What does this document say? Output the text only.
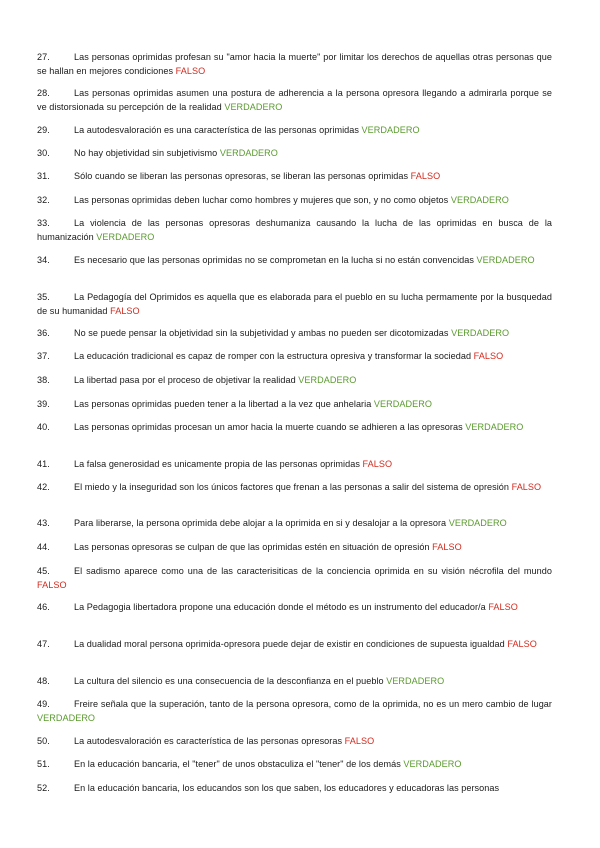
27.	Las personas oprimidas profesan su "amor hacia la muerte" por limitar los derechos de aquellas otras personas que se hallan en mejores condiciones FALSO
28.	Las personas oprimidas asumen una postura de adherencia a la persona opresora llegando a admirarla porque se ve distorsionada su percepción de la realidad VERDADERO
29.	La autodesvaloración es una característica de las personas oprimidas VERDADERO
30.	No hay objetividad sin subjetivismo VERDADERO
31.	Sólo cuando se liberan las personas opresoras, se liberan las personas oprimidas FALSO
32.	Las personas oprimidas deben luchar como hombres y mujeres que son, y no como objetos VERDADERO
33.	La violencia de las personas opresoras deshumaniza causando la lucha de las oprimidas en busca de la humanización VERDADERO
34.	Es necesario que las personas oprimidas no se comprometan en la lucha si no están convencidas VERDADERO
35.	La Pedagogía del Oprimidos es aquella que es elaborada para el pueblo en su lucha permamente por la busquedad de su humanidad FALSO
36.	No se puede pensar la objetividad sin la subjetividad y ambas no pueden ser dicotomizadas VERDADERO
37.	La educación tradicional es capaz de romper con la estructura opresiva y transformar la sociedad FALSO
38.	La libertad pasa por el proceso de objetivar la realidad VERDADERO
39.	Las personas oprimidas pueden tener a la libertad a la vez que anhelaria VERDADERO
40.	Las personas oprimidas procesan un amor hacia la muerte cuando se adhieren a las opresoras VERDADERO
41.	La falsa generosidad es unicamente propia de las personas oprimidas FALSO
42.	El miedo y la inseguridad son los únicos factores que frenan a las personas a salir del sistema de opresión FALSO
43.	Para liberarse, la persona oprimida debe alojar a la oprimida en si y desalojar a la opresora VERDADERO
44.	Las personas opresoras se culpan de que las oprimidas estén en situación de opresión FALSO
45.	El sadismo aparece como una de las caracterisiticas de la conciencia oprimida en su visión nécrofila del mundo FALSO
46.	La Pedagogia libertadora propone una educación donde el método es un instrumento del educador/a FALSO
47.	La dualidad moral persona oprimida-opresora puede dejar de existir en condiciones de supuesta igualdad FALSO
48.	La cultura del silencio es una consecuencia de la desconfianza en el pueblo VERDADERO
49.	Freire señala que la superación, tanto de la persona opresora, como de la oprimida, no es un mero cambio de lugar VERDADERO
50.	La autodesvaloración es característica de las personas opresoras FALSO
51.	En la educación bancaria, el "tener" de unos obstaculiza el "tener" de los demás VERDADERO
52.	En la educación bancaria, los educandos son los que saben, los educadores y educadoras las personas
